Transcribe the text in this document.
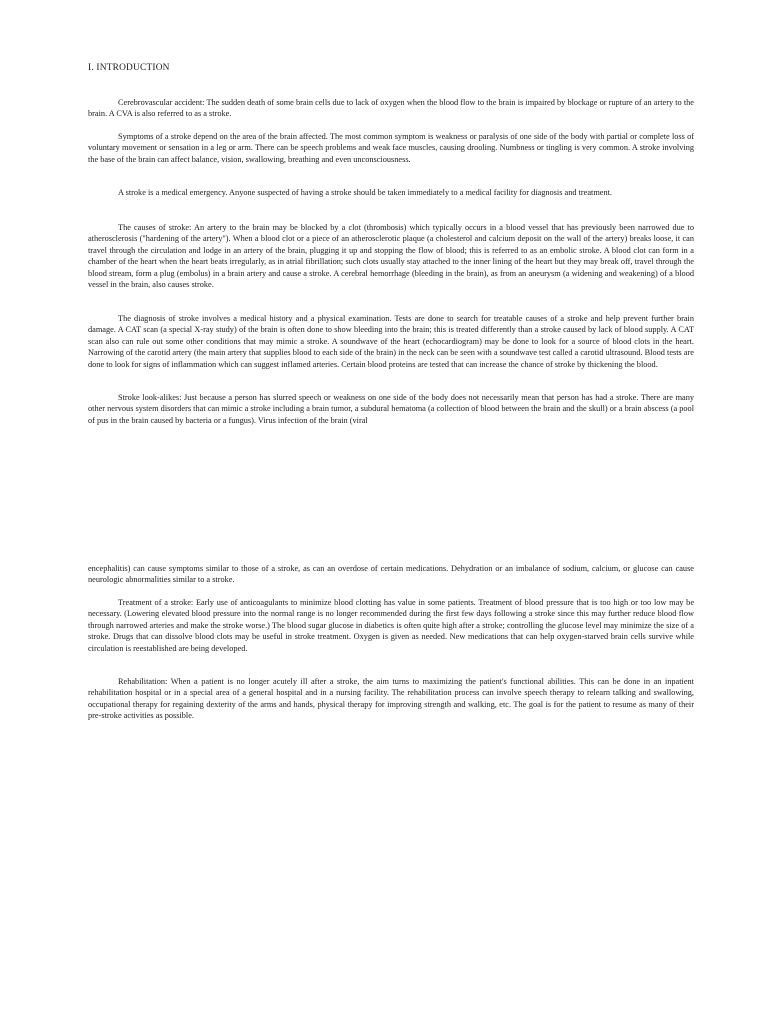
I. INTRODUCTION

Cerebrovascular accident: The sudden death of some brain cells due to lack of oxygen when the blood flow to the brain is impaired by blockage or rupture of an artery to the brain. A CVA is also referred to as a stroke.

Symptoms of a stroke depend on the area of the brain affected. The most common symptom is weakness or paralysis of one side of the body with partial or complete loss of voluntary movement or sensation in a leg or arm. There can be speech problems and weak face muscles, causing drooling. Numbness or tingling is very common. A stroke involving the base of the brain can affect balance, vision, swallowing, breathing and even unconsciousness.

A stroke is a medical emergency. Anyone suspected of having a stroke should be taken immediately to a medical facility for diagnosis and treatment.

The causes of stroke: An artery to the brain may be blocked by a clot (thrombosis) which typically occurs in a blood vessel that has previously been narrowed due to atherosclerosis ("hardening of the artery"). When a blood clot or a piece of an atherosclerotic plaque (a cholesterol and calcium deposit on the wall of the artery) breaks loose, it can travel through the circulation and lodge in an artery of the brain, plugging it up and stopping the flow of blood; this is referred to as an embolic stroke. A blood clot can form in a chamber of the heart when the heart beats irregularly, as in atrial fibrillation; such clots usually stay attached to the inner lining of the heart but they may break off, travel through the blood stream, form a plug (embolus) in a brain artery and cause a stroke. A cerebral hemorrhage (bleeding in the brain), as from an aneurysm (a widening and weakening) of a blood vessel in the brain, also causes stroke.

The diagnosis of stroke involves a medical history and a physical examination. Tests are done to search for treatable causes of a stroke and help prevent further brain damage. A CAT scan (a special X-ray study) of the brain is often done to show bleeding into the brain; this is treated differently than a stroke caused by lack of blood supply. A CAT scan also can rule out some other conditions that may mimic a stroke. A soundwave of the heart (echocardiogram) may be done to look for a source of blood clots in the heart. Narrowing of the carotid artery (the main artery that supplies blood to each side of the brain) in the neck can be seen with a soundwave test called a carotid ultrasound. Blood tests are done to look for signs of inflammation which can suggest inflamed arteries. Certain blood proteins are tested that can increase the chance of stroke by thickening the blood.

Stroke look-alikes: Just because a person has slurred speech or weakness on one side of the body does not necessarily mean that person has had a stroke. There are many other nervous system disorders that can mimic a stroke including a brain tumor, a subdural hematoma (a collection of blood between the brain and the skull) or a brain abscess (a pool of pus in the brain caused by bacteria or a fungus). Virus infection of the brain (viral

encephalitis) can cause symptoms similar to those of a stroke, as can an overdose of certain medications. Dehydration or an imbalance of sodium, calcium, or glucose can cause neurologic abnormalities similar to a stroke.

Treatment of a stroke: Early use of anticoagulants to minimize blood clotting has value in some patients. Treatment of blood pressure that is too high or too low may be necessary. (Lowering elevated blood pressure into the normal range is no longer recommended during the first few days following a stroke since this may further reduce blood flow through narrowed arteries and make the stroke worse.) The blood sugar glucose in diabetics is often quite high after a stroke; controlling the glucose level may minimize the size of a stroke. Drugs that can dissolve blood clots may be useful in stroke treatment. Oxygen is given as needed. New medications that can help oxygen-starved brain cells survive while circulation is reestablished are being developed.

Rehabilitation: When a patient is no longer acutely ill after a stroke, the aim turns to maximizing the patient's functional abilities. This can be done in an inpatient rehabilitation hospital or in a special area of a general hospital and in a nursing facility. The rehabilitation process can involve speech therapy to relearn talking and swallowing, occupational therapy for regaining dexterity of the arms and hands, physical therapy for improving strength and walking, etc. The goal is for the patient to resume as many of their pre-stroke activities as possible.
